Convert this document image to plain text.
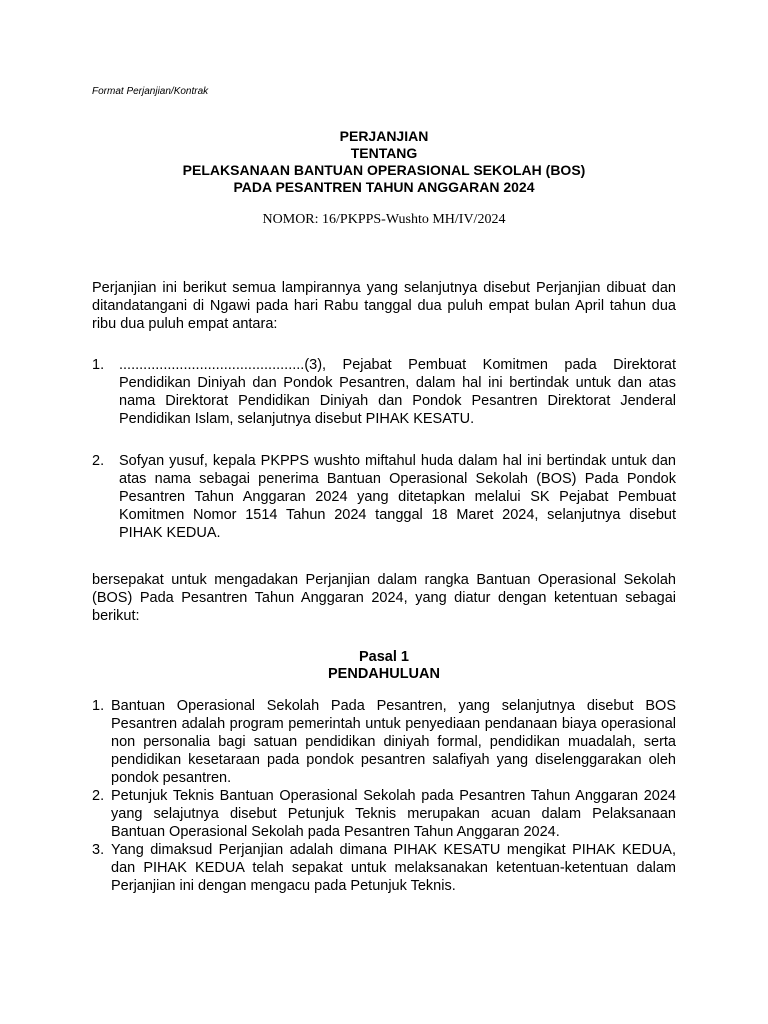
Format Perjanjian/Kontrak
PERJANJIAN
TENTANG
PELAKSANAAN BANTUAN OPERASIONAL SEKOLAH (BOS)
PADA PESANTREN TAHUN ANGGARAN 2024
NOMOR: 16/PKPPS-Wushto MH/IV/2024
Perjanjian ini berikut semua lampirannya yang selanjutnya disebut Perjanjian dibuat dan ditandatangani di Ngawi pada hari Rabu tanggal dua puluh empat bulan April tahun dua ribu dua puluh empat antara:
1. ..............................................(3), Pejabat Pembuat Komitmen pada Direktorat Pendidikan Diniyah dan Pondok Pesantren, dalam hal ini bertindak untuk dan atas nama Direktorat Pendidikan Diniyah dan Pondok Pesantren Direktorat Jenderal Pendidikan Islam, selanjutnya disebut PIHAK KESATU.
2. Sofyan yusuf, kepala PKPPS wushto miftahul huda dalam hal ini bertindak untuk dan atas nama sebagai penerima Bantuan Operasional Sekolah (BOS) Pada Pondok Pesantren Tahun Anggaran 2024 yang ditetapkan melalui SK Pejabat Pembuat Komitmen Nomor 1514 Tahun 2024 tanggal 18 Maret 2024, selanjutnya disebut PIHAK KEDUA.
bersepakat untuk mengadakan Perjanjian dalam rangka Bantuan Operasional Sekolah (BOS) Pada Pesantren Tahun Anggaran 2024, yang diatur dengan ketentuan sebagai berikut:
Pasal 1
PENDAHULUAN
1. Bantuan Operasional Sekolah Pada Pesantren, yang selanjutnya disebut BOS Pesantren adalah program pemerintah untuk penyediaan pendanaan biaya operasional non personalia bagi satuan pendidikan diniyah formal, pendidikan muadalah, serta pendidikan kesetaraan pada pondok pesantren salafiyah yang diselenggarakan oleh pondok pesantren.
2. Petunjuk Teknis Bantuan Operasional Sekolah pada Pesantren Tahun Anggaran 2024 yang selajutnya disebut Petunjuk Teknis merupakan acuan dalam Pelaksanaan Bantuan Operasional Sekolah pada Pesantren Tahun Anggaran 2024.
3. Yang dimaksud Perjanjian adalah dimana PIHAK KESATU mengikat PIHAK KEDUA, dan PIHAK KEDUA telah sepakat untuk melaksanakan ketentuan-ketentuan dalam Perjanjian ini dengan mengacu pada Petunjuk Teknis.
